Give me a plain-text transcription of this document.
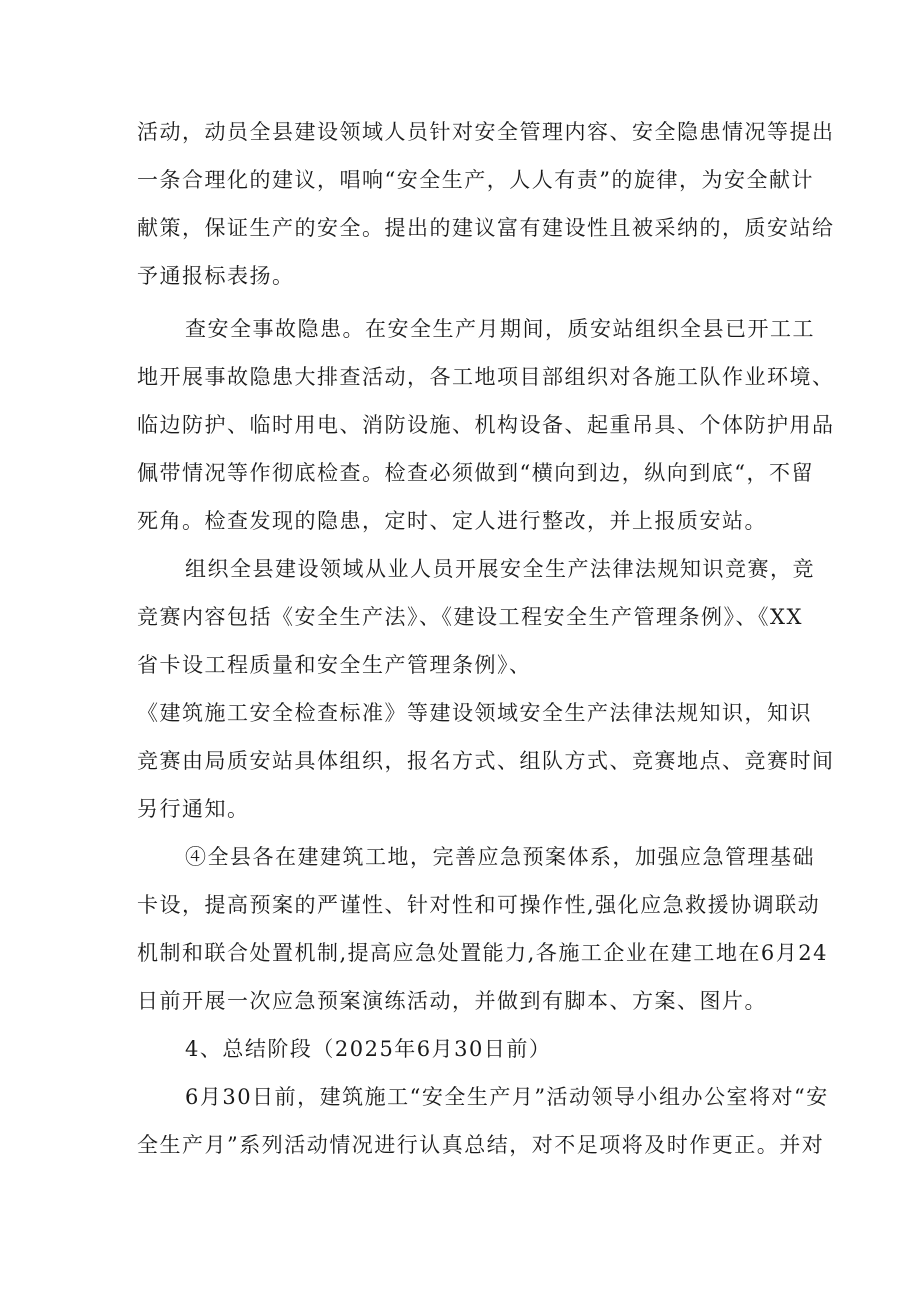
活动，动员全县建设领域人员针对安全管理内容、安全隐患情况等提出
一条合理化的建议，唱响“安全生产，人人有责”的旋律，为安全献计
献策，保证生产的安全。提出的建议富有建设性且被采纳的，质安站给
予通报标表扬。
查安全事故隐患。在安全生产月期间，质安站组织全县已开工工
地开展事故隐患大排查活动，各工地项目部组织对各施工队作业环境、
临边防护、临时用电、消防设施、机构设备、起重吊具、个体防护用品
佩带情况等作彻底检查。检查必须做到“横向到边，纵向到底“，不留
死角。检查发现的隐患，定时、定人进行整改，并上报质安站。
组织全县建设领域从业人员开展安全生产法律法规知识竞赛，竞
竞赛内容包括《安全生产法》、《建设工程安全生产管理条例》、《XX
省卡设工程质量和安全生产管理条例》、
《建筑施工安全检查标准》等建设领域安全生产法律法规知识，知识
竞赛由局质安站具体组织，报名方式、组队方式、竞赛地点、竞赛时间
另行通知。
④全县各在建建筑工地，完善应急预案体系，加强应急管理基础
卡设，提高预案的严谨性、针对性和可操作性,强化应急救援协调联动
机制和联合处置机制,提高应急处置能力,各施工企业在建工地在6月24
日前开展一次应急预案演练活动，并做到有脚本、方案、图片。
4、总结阶段（2025年6月30日前）
6月30日前，建筑施工“安全生产月”活动领导小组办公室将对“安
全生产月”系列活动情况进行认真总结，对不足项将及时作更正。并对
